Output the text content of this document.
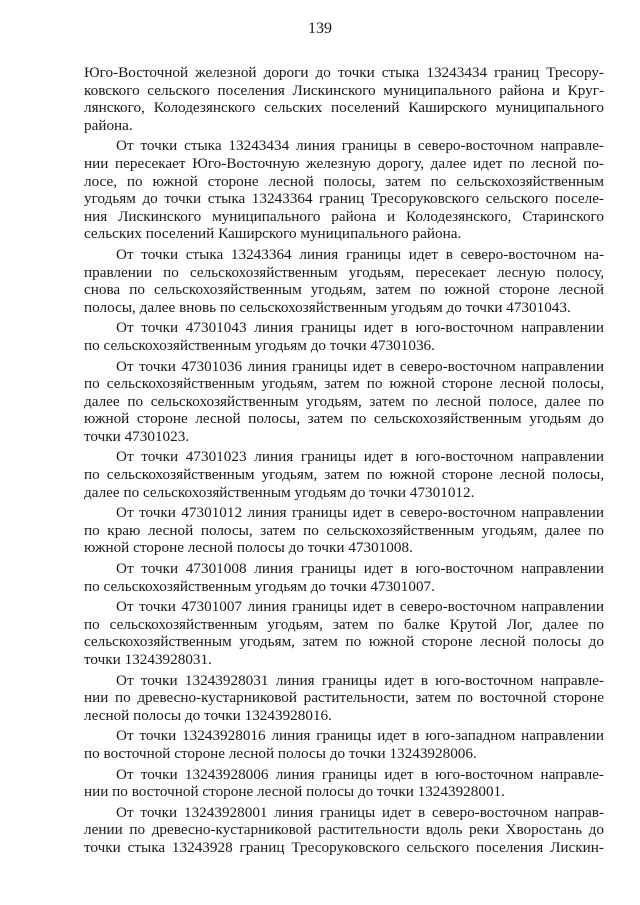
139
Юго-Восточной железной дороги до точки стыка 13243434 границ Тресору-
ковского сельского поселения Лискинского муниципального района и Круг-
лянского, Колодезянского сельских поселений Каширского муниципального
района.
От точки стыка 13243434 линия границы в северо-восточном направле-
нии пересекает Юго-Восточную железную дорогу, далее идет по лесной по-
лосе, по южной стороне лесной полосы, затем по сельскохозяйственным
угодьям до точки стыка 13243364 границ Тресоруковского сельского поселе-
ния Лискинского муниципального района и Колодезянского, Старинского
сельских поселений Каширского муниципального района.
От точки стыка 13243364 линия границы идет в северо-восточном на-
правлении по сельскохозяйственным угодьям, пересекает лесную полосу,
снова по сельскохозяйственным угодьям, затем по южной стороне лесной
полосы, далее вновь по сельскохозяйственным угодьям до точки 47301043.
От точки 47301043 линия границы идет в юго-восточном направлении
по сельскохозяйственным угодьям до точки 47301036.
От точки 47301036 линия границы идет в северо-восточном направлении
по сельскохозяйственным угодьям, затем по южной стороне лесной полосы,
далее по сельскохозяйственным угодьям, затем по лесной полосе, далее по
южной стороне лесной полосы, затем по сельскохозяйственным угодьям до
точки 47301023.
От точки 47301023 линия границы идет в юго-восточном направлении
по сельскохозяйственным угодьям, затем по южной стороне лесной полосы,
далее по сельскохозяйственным угодьям до точки 47301012.
От точки 47301012 линия границы идет в северо-восточном направлении
по краю лесной полосы, затем по сельскохозяйственным угодьям, далее по
южной стороне лесной полосы до точки 47301008.
От точки 47301008 линия границы идет в юго-восточном направлении
по сельскохозяйственным угодьям до точки 47301007.
От точки 47301007 линия границы идет в северо-восточном направлении
по сельскохозяйственным угодьям, затем по балке Крутой Лог, далее по
сельскохозяйственным угодьям, затем по южной стороне лесной полосы до
точки 13243928031.
От точки 13243928031 линия границы идет в юго-восточном направле-
нии по древесно-кустарниковой растительности, затем по восточной стороне
лесной полосы до точки 13243928016.
От точки 13243928016 линия границы идет в юго-западном направлении
по восточной стороне лесной полосы до точки 13243928006.
От точки 13243928006 линия границы идет в юго-восточном направле-
нии по восточной стороне лесной полосы до точки 13243928001.
От точки 13243928001 линия границы идет в северо-восточном направ-
лении по древесно-кустарниковой растительности вдоль реки Хворостань до
точки стыка 13243928 границ Тресоруковского сельского поселения Лискин-
